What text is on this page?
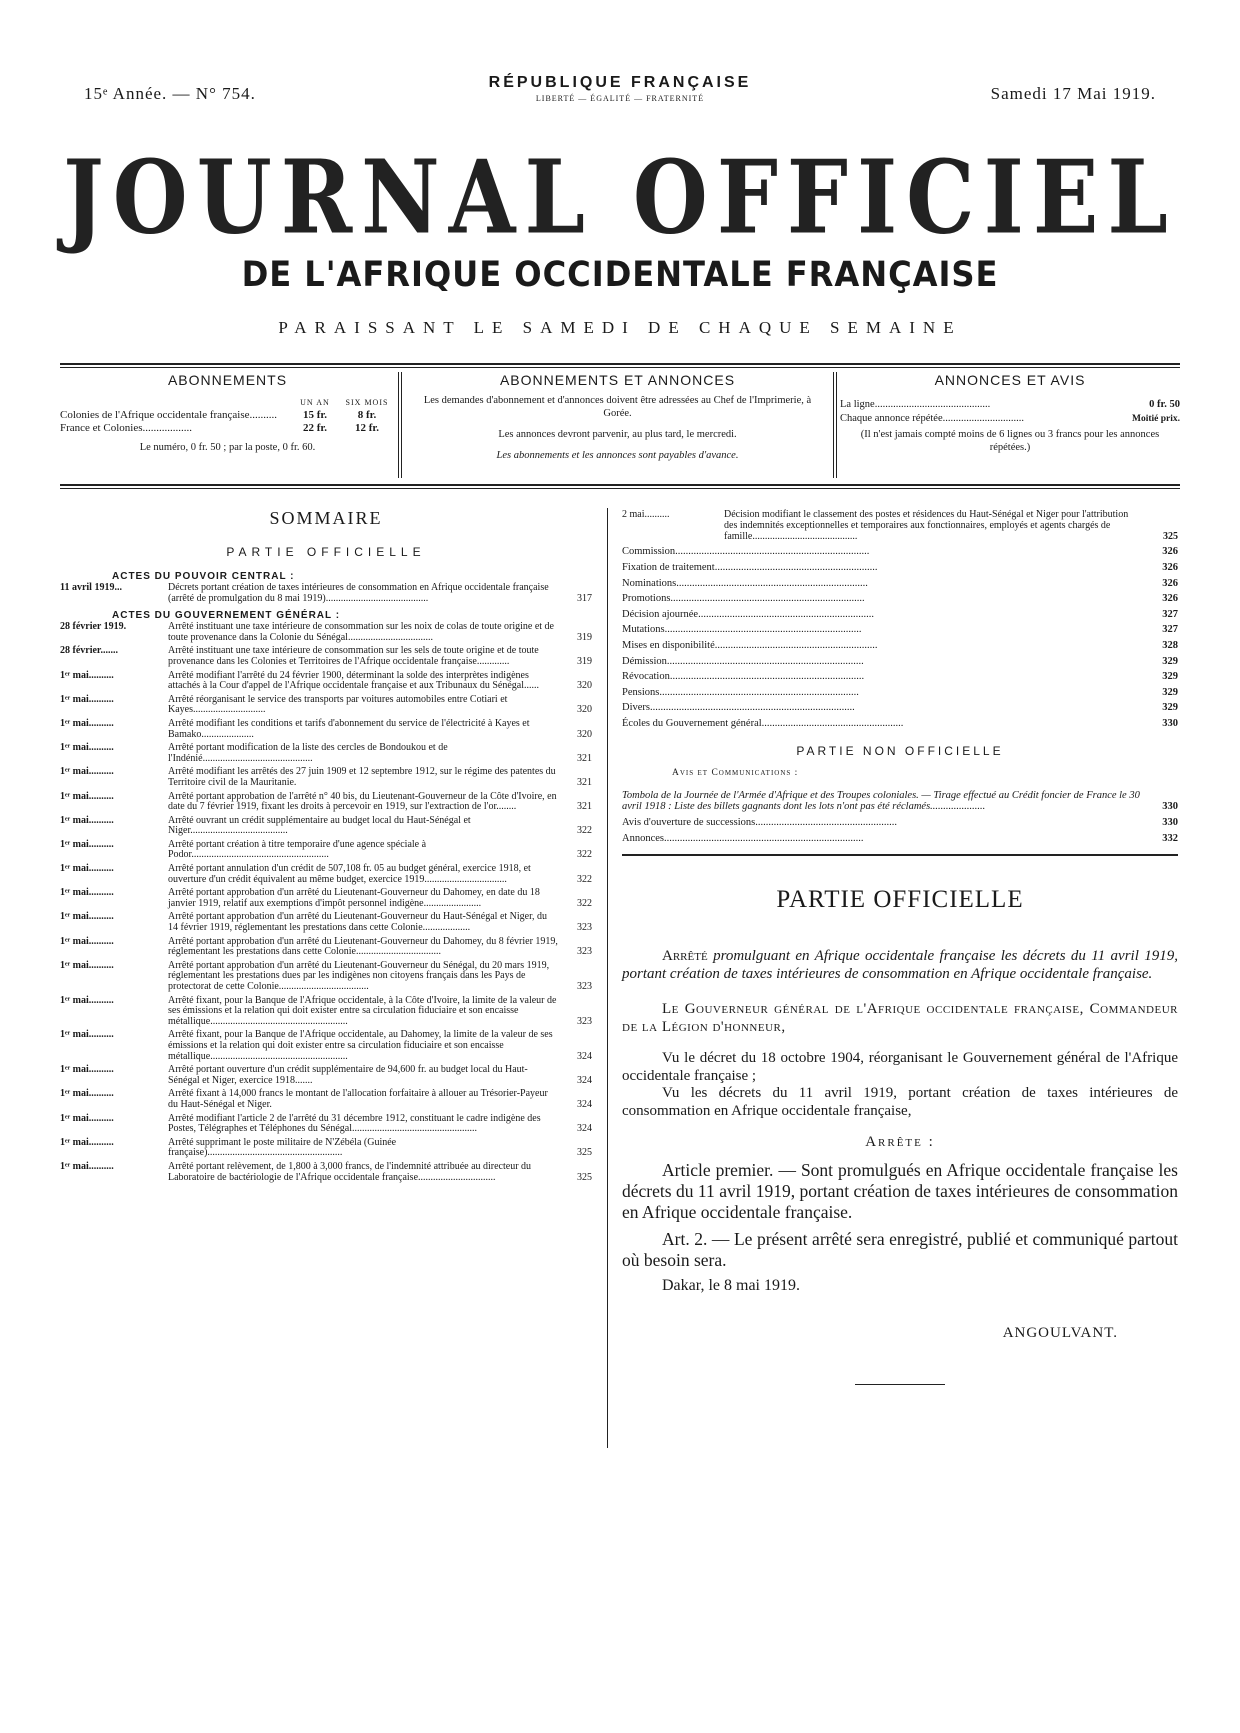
15ᵉ Année. — N° 754.
RÉPUBLIQUE FRANÇAISE
LIBERTÉ — ÉGALITÉ — FRATERNITÉ	Samedi 17 Mai 1919.
JOURNAL OFFICIEL
DE L'AFRIQUE OCCIDENTALE FRANÇAISE
PARAISSANT LE SAMEDI DE CHAQUE SEMAINE
ABONNEMENTS
	UN AN	SIX MOIS
Colonies de l'Afrique occidentale française..........	15 fr.	8 fr.
France et Colonies..................	22 fr.	12 fr.
Le numéro, 0 fr. 50 ; par la poste, 0 fr. 60.
ABONNEMENTS ET ANNONCES
Les demandes d'abonnement et d'annonces doivent être adressées au Chef de l'Imprimerie, à Gorée.
Les annonces devront parvenir, au plus tard, le mercredi.
Les abonnements et les annonces sont payables d'avance.
ANNONCES ET AVIS
La ligne............................................	0 fr. 50
Chaque annonce répétée...............................	Moitié prix.
(Il n'est jamais compté moins de 6 lignes ou 3 francs pour les annonces répétées.)
SOMMAIRE
PARTIE OFFICIELLE
ACTES DU POUVOIR CENTRAL :
11 avril 1919...	Décrets portant création de taxes intérieures de consommation en Afrique occidentale française (arrêté de promulgation du 8 mai 1919).........................................	317
ACTES DU GOUVERNEMENT GÉNÉRAL :
28 février 1919.	Arrêté instituant une taxe intérieure de consommation sur les noix de colas de toute origine et de toute provenance dans la Colonie du Sénégal..................................	319
28 février.......	Arrêté instituant une taxe intérieure de consommation sur les sels de toute origine et de toute provenance dans les Colonies et Territoires de l'Afrique occidentale française.............	319
1ᵉʳ mai..........	Arrêté modifiant l'arrêté du 24 février 1900, déterminant la solde des interprètes indigènes attachés à la Cour d'appel de l'Afrique occidentale française et aux Tribunaux du Sénégal......	320
1ᵉʳ mai..........	Arrêté réorganisant le service des transports par voitures automobiles entre Cotiari et Kayes.............................	320
1ᵉʳ mai..........	Arrêté modifiant les conditions et tarifs d'abonnement du service de l'électricité à Kayes et Bamako.....................	320
1ᵉʳ mai..........	Arrêté portant modification de la liste des cercles de Bondoukou et de l'Indénié............................................	321
1ᵉʳ mai..........	Arrêté modifiant les arrêtés des 27 juin 1909 et 12 septembre 1912, sur le régime des patentes du Territoire civil de la Mauritanie.	321
1ᵉʳ mai..........	Arrêté portant approbation de l'arrêté n° 40 bis, du Lieutenant-Gouverneur de la Côte d'Ivoire, en date du 7 février 1919, fixant les droits à percevoir en 1919, sur l'extraction de l'or........	321
1ᵉʳ mai..........	Arrêté ouvrant un crédit supplémentaire au budget local du Haut-Sénégal et Niger.......................................	322
1ᵉʳ mai..........	Arrêté portant création à titre temporaire d'une agence spéciale à Podor.......................................................	322
1ᵉʳ mai..........	Arrêté portant annulation d'un crédit de 507,108 fr. 05 au budget général, exercice 1918, et ouverture d'un crédit équivalent au même budget, exercice 1919.................................	322
1ᵉʳ mai..........	Arrêté portant approbation d'un arrêté du Lieutenant-Gouverneur du Dahomey, en date du 18 janvier 1919, relatif aux exemptions d'impôt personnel indigène.......................	322
1ᵉʳ mai..........	Arrêté portant approbation d'un arrêté du Lieutenant-Gouverneur du Haut-Sénégal et Niger, du 14 février 1919, réglementant les prestations dans cette Colonie...................	323
1ᵉʳ mai..........	Arrêté portant approbation d'un arrêté du Lieutenant-Gouverneur du Dahomey, du 8 février 1919, réglementant les prestations dans cette Colonie..................................	323
1ᵉʳ mai..........	Arrêté portant approbation d'un arrêté du Lieutenant-Gouverneur du Sénégal, du 20 mars 1919, réglementant les prestations dues par les indigènes non citoyens français dans les Pays de protectorat de cette Colonie....................................	323
1ᵉʳ mai..........	Arrêté fixant, pour la Banque de l'Afrique occidentale, à la Côte d'Ivoire, la limite de la valeur de ses émissions et la relation qui doit exister entre sa circulation fiduciaire et son encaisse métallique.......................................................	323
1ᵉʳ mai..........	Arrêté fixant, pour la Banque de l'Afrique occidentale, au Dahomey, la limite de la valeur de ses émissions et la relation qui doit exister entre sa circulation fiduciaire et son encaisse métallique.......................................................	324
1ᵉʳ mai..........	Arrêté portant ouverture d'un crédit supplémentaire de 94,600 fr. au budget local du Haut-Sénégal et Niger, exercice 1918.......	324
1ᵉʳ mai..........	Arrêté fixant à 14,000 francs le montant de l'allocation forfaitaire à allouer au Trésorier-Payeur du Haut-Sénégal et Niger.	324
1ᵉʳ mai..........	Arrêté modifiant l'article 2 de l'arrêté du 31 décembre 1912, constituant le cadre indigène des Postes, Télégraphes et Téléphones du Sénégal..................................................	324
1ᵉʳ mai..........	Arrêté supprimant le poste militaire de N'Zébéla (Guinée française)......................................................	325
1ᵉʳ mai..........	Arrêté portant relèvement, de 1,800 à 3,000 francs, de l'indemnité attribuée au directeur du Laboratoire de bactériologie de l'Afrique occidentale française...............................	325
2 mai..........	Décision modifiant le classement des postes et résidences du Haut-Sénégal et Niger pour l'attribution des indemnités exceptionnelles et temporaires aux fonctionnaires, employés et agents chargés de famille..........................................	325
Commission..........................................................................	326
Fixation de traitement..............................................................	326
Nominations.........................................................................	326
Promotions..........................................................................	326
Décision ajournée...................................................................	327
Mutations...........................................................................	327
Mises en disponibilité..............................................................	328
Démission...........................................................................	329
Révocation..........................................................................	329
Pensions............................................................................	329
Divers..............................................................................	329
Écoles du Gouvernement général......................................................	330
PARTIE NON OFFICIELLE
Avis et Communications :
Tombola de la Journée de l'Armée d'Afrique et des Troupes coloniales. — Tirage effectué au Crédit foncier de France le 30 avril 1918 : Liste des billets gagnants dont les lots n'ont pas été réclamés.....................	330
Avis d'ouverture de successions......................................................	330
Annonces............................................................................	332
PARTIE OFFICIELLE
Arrêté promulguant en Afrique occidentale française les décrets du 11 avril 1919, portant création de taxes intérieures de consommation en Afrique occidentale française.
Le Gouverneur général de l'Afrique occidentale française, Commandeur de la Légion d'honneur,
Vu le décret du 18 octobre 1904, réorganisant le Gouvernement général de l'Afrique occidentale française ;
Vu les décrets du 11 avril 1919, portant création de taxes intérieures de consommation en Afrique occidentale française,
Arrête :
Article premier. — Sont promulgués en Afrique occidentale française les décrets du 11 avril 1919, portant création de taxes intérieures de consommation en Afrique occidentale française.
Art. 2. — Le présent arrêté sera enregistré, publié et communiqué partout où besoin sera.
Dakar, le 8 mai 1919.
ANGOULVANT.
